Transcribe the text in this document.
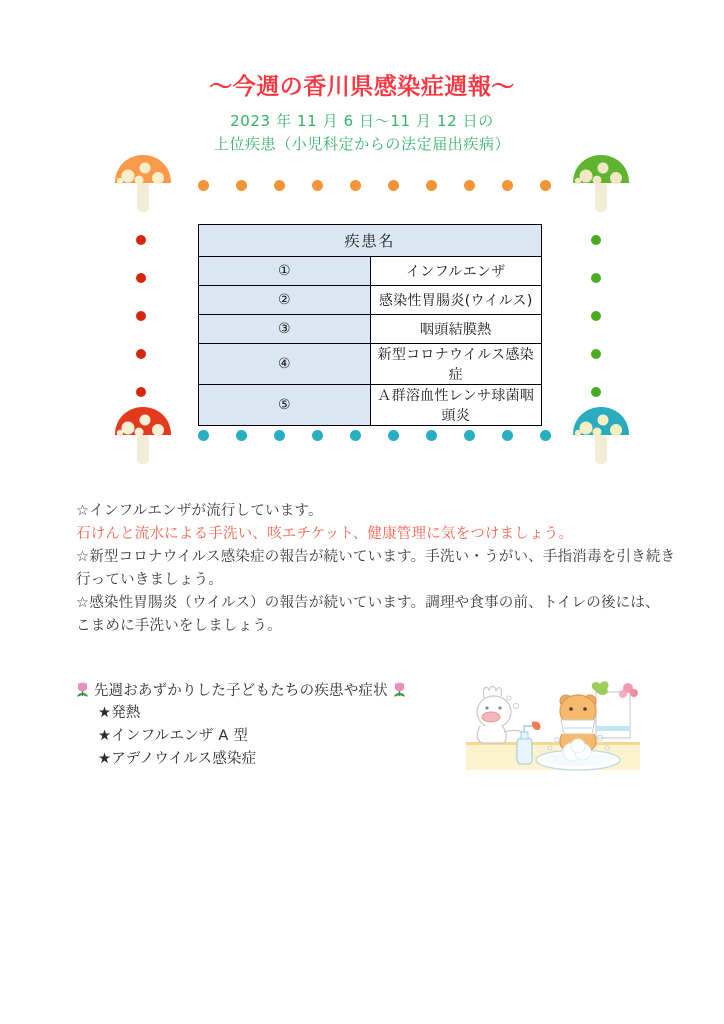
〜今週の香川県感染症週報〜
2023 年 11 月 6 日〜11 月 12 日の
上位疾患（小児科定からの法定届出疾病）
疾患名	
①	インフルエンザ
②	感染性胃腸炎(ウイルス)
③	咽頭結膜熱
④	新型コロナウイルス感染症
⑤	Ａ群溶血性レンサ球菌咽頭炎
☆インフルエンザが流行しています。
石けんと流水による手洗い、咳エチケット、健康管理に気をつけましょう。
☆新型コロナウイルス感染症の報告が続いています。手洗い・うがい、手指消毒を引き続き
行っていきましょう。
☆感染性胃腸炎（ウイルス）の報告が続いています。調理や食事の前、トイレの後には、
こまめに手洗いをしましょう。
先週おあずかりした子どもたちの疾患や症状
★発熱
★インフルエンザ A 型
★アデノウイルス感染症
